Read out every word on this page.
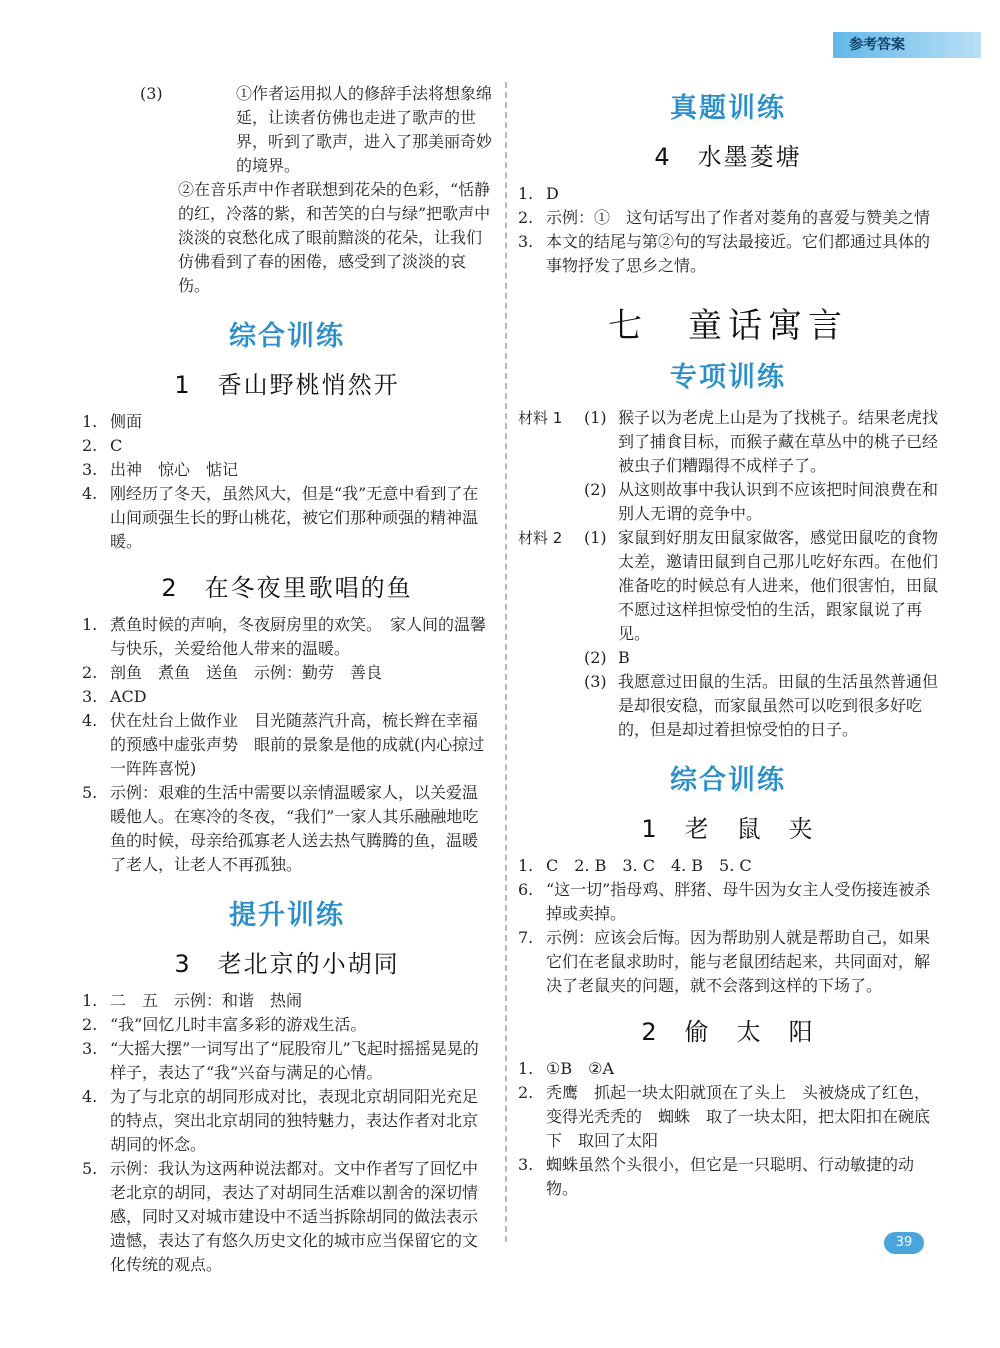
参考答案
(3)	①作者运用拟人的修辞手法将想象绵延，让读者仿佛也走进了歌声的世界，听到了歌声，进入了那美丽奇妙的境界。
②在音乐声中作者联想到花朵的色彩，“恬静的红，冷落的紫，和苦笑的白与绿”把歌声中淡淡的哀愁化成了眼前黯淡的花朵，让我们仿佛看到了春的困倦，感受到了淡淡的哀伤。
综合训练
1　香山野桃悄然开
1. 侧面
2. C
3. 出神　惊心　惦记
4. 刚经历了冬天，虽然风大，但是“我”无意中看到了在山间顽强生长的野山桃花，被它们那种顽强的精神温暖。
2　在冬夜里歌唱的鱼
1. 煮鱼时候的声响，冬夜厨房里的欢笑。　家人间的温馨与快乐，关爱给他人带来的温暖。
2. 剖鱼　煮鱼　送鱼　示例：勤劳　善良
3. ACD
4. 伏在灶台上做作业　目光随蒸汽升高，梳长辫在幸福的预感中虚张声势　眼前的景象是他的成就(内心掠过一阵阵喜悦)
5. 示例：艰难的生活中需要以亲情温暖家人，以关爱温暖他人。在寒冷的冬夜，“我们”一家人其乐融融地吃鱼的时候，母亲给孤寡老人送去热气腾腾的鱼，温暖了老人，让老人不再孤独。
提升训练
3　老北京的小胡同
1. 二　五　示例：和谐　热闹
2. “我”回忆儿时丰富多彩的游戏生活。
3. “大摇大摆”一词写出了“屁股帘儿”飞起时摇摇晃晃的样子，表达了“我”兴奋与满足的心情。
4. 为了与北京的胡同形成对比，表现北京胡同阳光充足的特点，突出北京胡同的独特魅力，表达作者对北京胡同的怀念。
5. 示例：我认为这两种说法都对。文中作者写了回忆中老北京的胡同，表达了对胡同生活难以割舍的深切情感，同时又对城市建设中不适当拆除胡同的做法表示遗憾，表达了有悠久历史文化的城市应当保留它的文化传统的观点。
真题训练
4　水墨菱塘
1. D
2. 示例：①　这句话写出了作者对菱角的喜爱与赞美之情
3. 本文的结尾与第②句的写法最接近。它们都通过具体的事物抒发了思乡之情。
七　童话寓言
专项训练
材料 1	(1) 猴子以为老虎上山是为了找桃子。结果老虎找到了捕食目标，而猴子藏在草丛中的桃子已经被虫子们糟蹋得不成样子了。
(2) 从这则故事中我认识到不应该把时间浪费在和别人无谓的竞争中。
材料 2	(1) 家鼠到好朋友田鼠家做客，感觉田鼠吃的食物太差，邀请田鼠到自己那儿吃好东西。在他们准备吃的时候总有人进来，他们很害怕，田鼠不愿过这样担惊受怕的生活，跟家鼠说了再见。
(2) B
(3) 我愿意过田鼠的生活。田鼠的生活虽然普通但是却很安稳，而家鼠虽然可以吃到很多好吃的，但是却过着担惊受怕的日子。
综合训练
1　老　鼠　夹
1. C　2. B　3. C　4. B　5. C
6. “这一切”指母鸡、胖猪、母牛因为女主人受伤接连被杀掉或卖掉。
7. 示例：应该会后悔。因为帮助别人就是帮助自己，如果它们在老鼠求助时，能与老鼠团结起来，共同面对，解决了老鼠夹的问题，就不会落到这样的下场了。
2　偷　太　阳
1. ①B　②A
2. 秃鹰　抓起一块太阳就顶在了头上　头被烧成了红色，变得光秃秃的　蜘蛛　取了一块太阳，把太阳扣在碗底下　取回了太阳
3. 蜘蛛虽然个头很小，但它是一只聪明、行动敏捷的动物。
39
